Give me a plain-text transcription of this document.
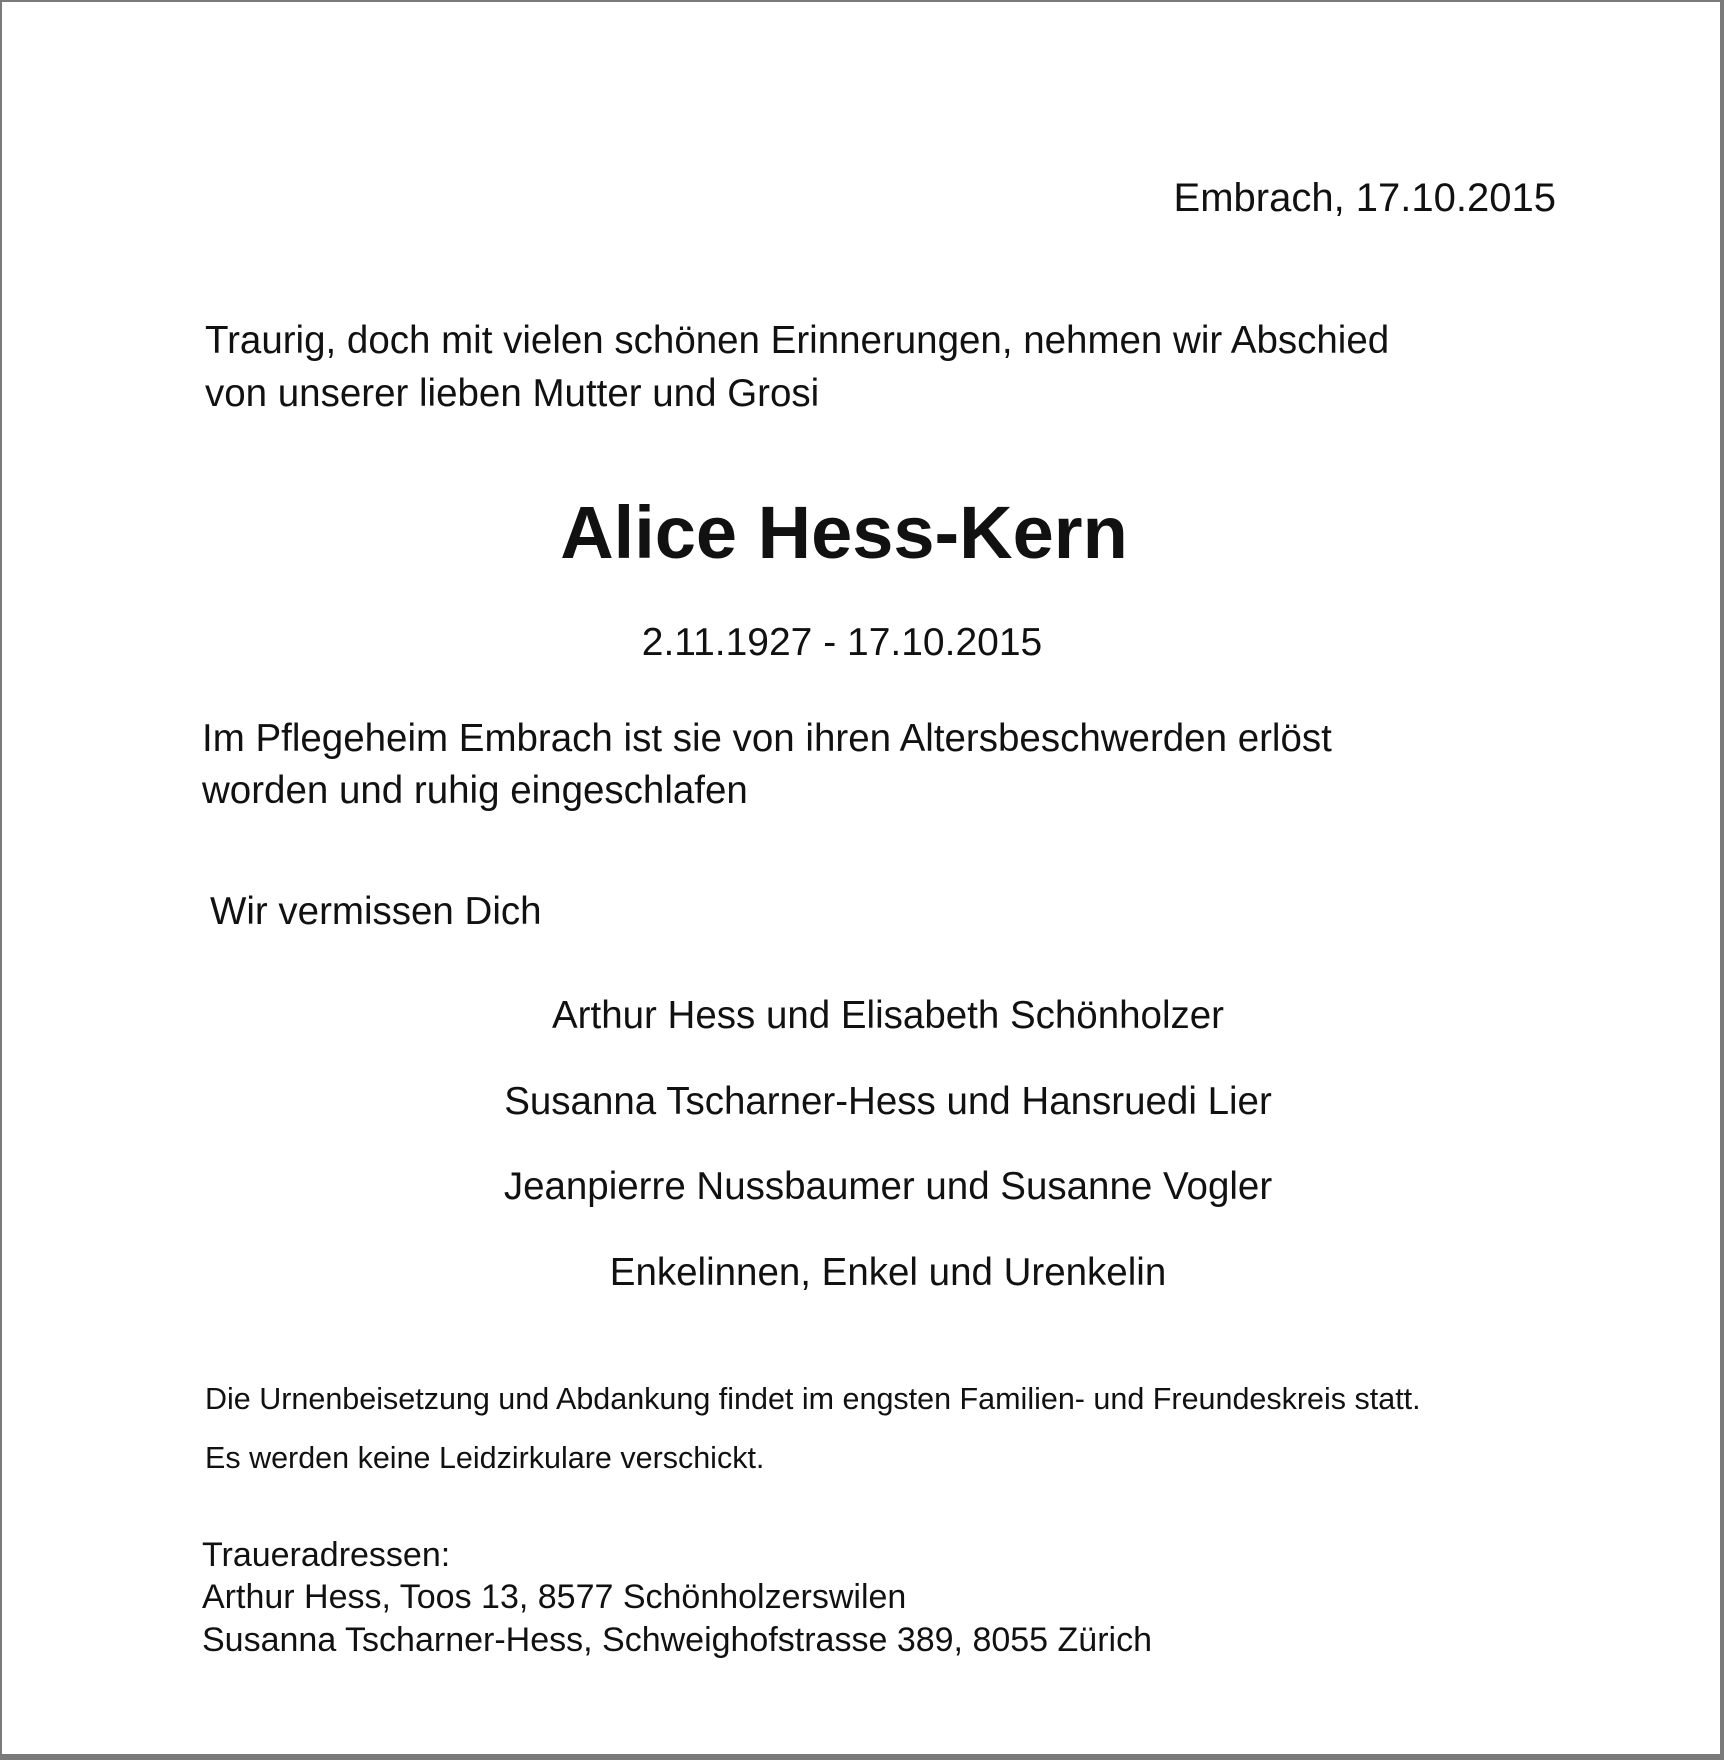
Embrach, 17.10.2015

Traurig, doch mit vielen schönen Erinnerungen, nehmen wir Abschied

von unserer lieben Mutter und Grosi

Alice Hess-Kern

2.11.1927 - 17.10.2015

Im Pflegeheim Embrach ist sie von ihren Altersbeschwerden erlöst

worden und ruhig eingeschlafen

Wir vermissen Dich

Arthur Hess und Elisabeth Schönholzer

Susanna Tscharner-Hess und Hansruedi Lier

Jeanpierre Nussbaumer und Susanne Vogler

Enkelinnen, Enkel und Urenkelin

Die Urnenbeisetzung und Abdankung findet im engsten Familien- und Freundeskreis statt.

Es werden keine Leidzirkulare verschickt.

Traueradressen:

Arthur Hess, Toos 13, 8577 Schönholzerswilen

Susanna Tscharner-Hess, Schweighofstrasse 389, 8055 Zürich
